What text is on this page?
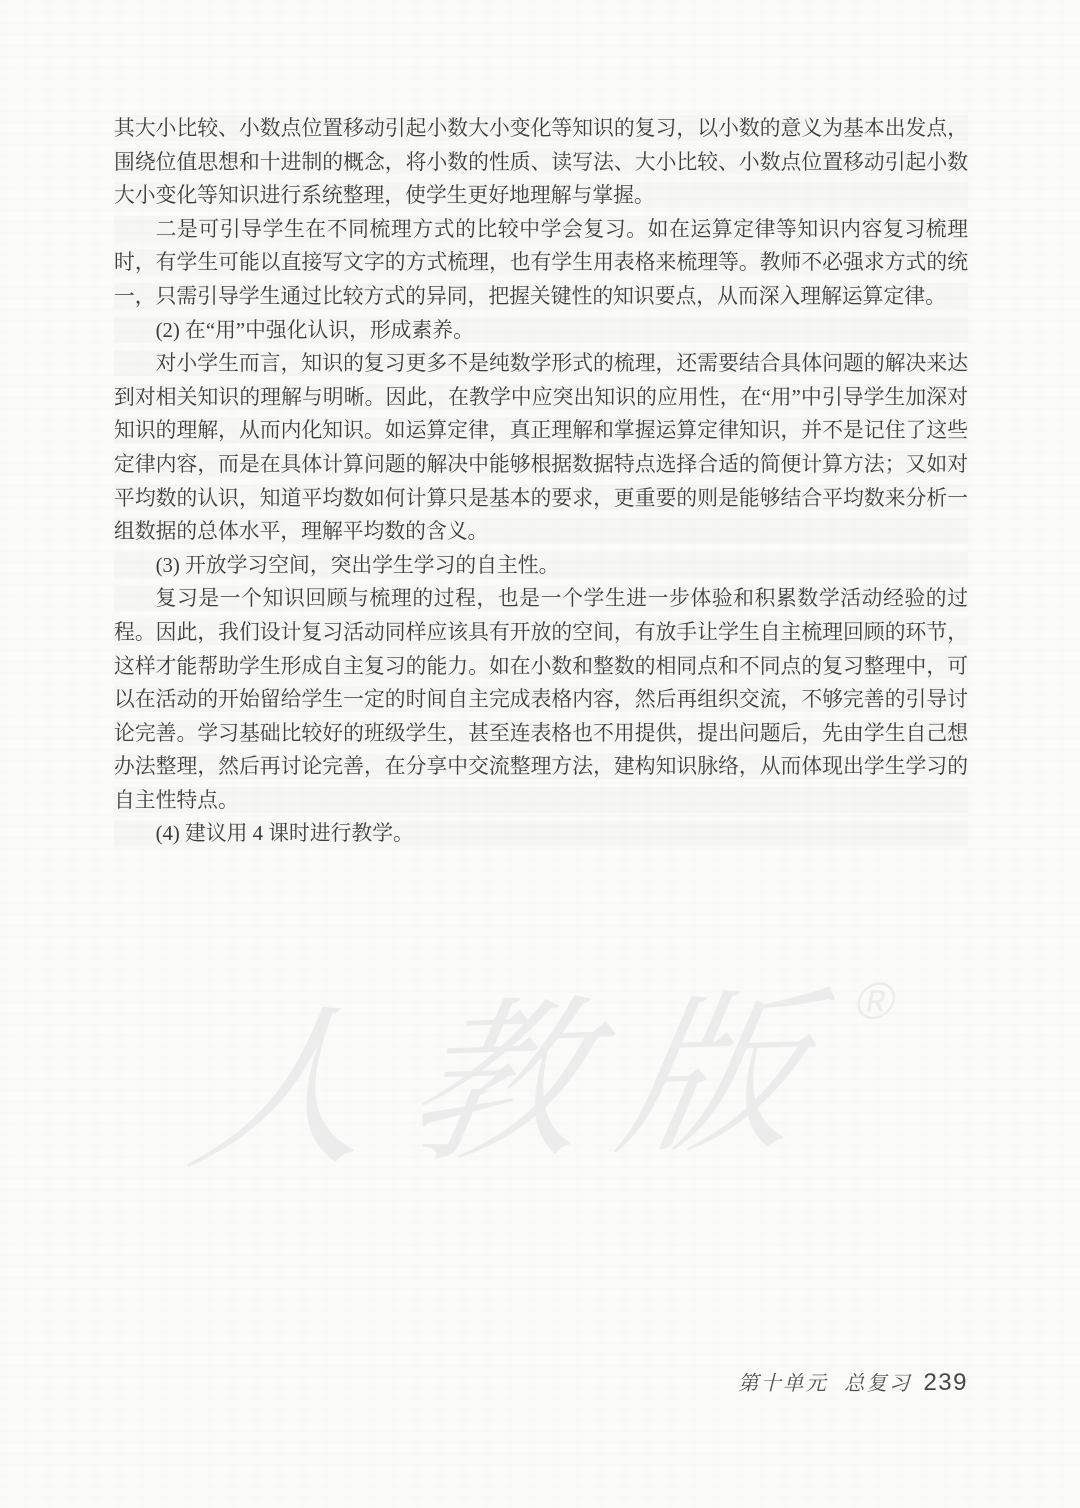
其大小比较、小数点位置移动引起小数大小变化等知识的复习，以小数的意义为基本出发点，围绕位值思想和十进制的概念，将小数的性质、读写法、大小比较、小数点位置移动引起小数大小变化等知识进行系统整理，使学生更好地理解与掌握。

二是可引导学生在不同梳理方式的比较中学会复习。如在运算定律等知识内容复习梳理时，有学生可能以直接写文字的方式梳理，也有学生用表格来梳理等。教师不必强求方式的统一，只需引导学生通过比较方式的异同，把握关键性的知识要点，从而深入理解运算定律。

(2) 在“用”中强化认识，形成素养。

对小学生而言，知识的复习更多不是纯数学形式的梳理，还需要结合具体问题的解决来达到对相关知识的理解与明晰。因此，在教学中应突出知识的应用性，在“用”中引导学生加深对知识的理解，从而内化知识。如运算定律，真正理解和掌握运算定律知识，并不是记住了这些定律内容，而是在具体计算问题的解决中能够根据数据特点选择合适的简便计算方法；又如对平均数的认识，知道平均数如何计算只是基本的要求，更重要的则是能够结合平均数来分析一组数据的总体水平，理解平均数的含义。

(3) 开放学习空间，突出学生学习的自主性。

复习是一个知识回顾与梳理的过程，也是一个学生进一步体验和积累数学活动经验的过程。因此，我们设计复习活动同样应该具有开放的空间，有放手让学生自主梳理回顾的环节，这样才能帮助学生形成自主复习的能力。如在小数和整数的相同点和不同点的复习整理中，可以在活动的开始留给学生一定的时间自主完成表格内容，然后再组织交流，不够完善的引导讨论完善。学习基础比较好的班级学生，甚至连表格也不用提供，提出问题后，先由学生自己想办法整理，然后再讨论完善，在分享中交流整理方法，建构知识脉络，从而体现出学生学习的自主性特点。

(4) 建议用 4 课时进行教学。

人教版®
第十单元 总复习 239
